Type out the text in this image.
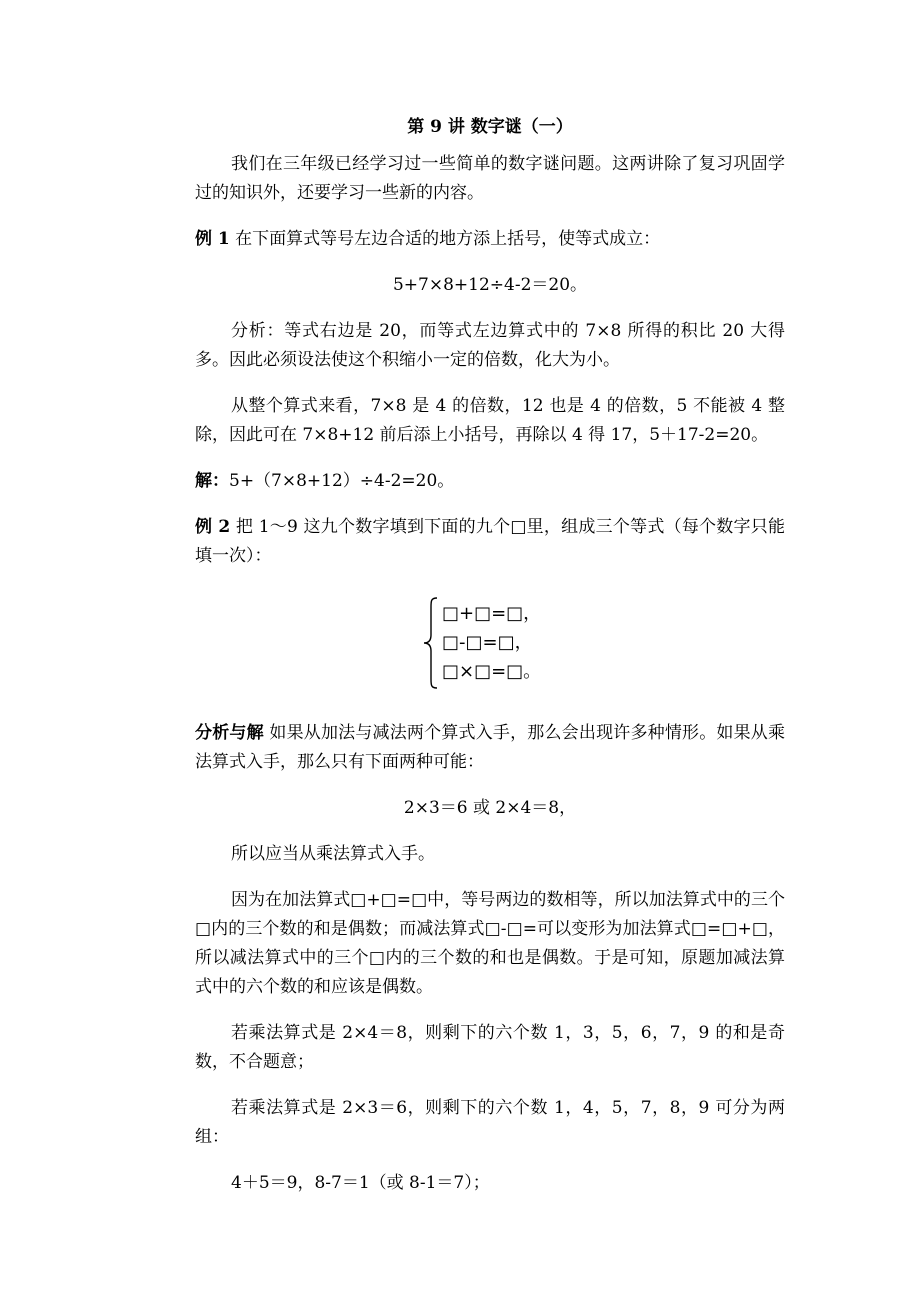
第 9 讲 数字谜（一）

我们在三年级已经学习过一些简单的数字谜问题。这两讲除了复习巩固学过的知识外，还要学习一些新的内容。

例 1 在下面算式等号左边合适的地方添上括号，使等式成立：

5+7×8+12÷4-2＝20。

分析：等式右边是 20，而等式左边算式中的 7×8 所得的积比 20 大得多。因此必须设法使这个积缩小一定的倍数，化大为小。

从整个算式来看，7×8 是 4 的倍数，12 也是 4 的倍数，5 不能被 4 整除，因此可在 7×8+12 前后添上小括号，再除以 4 得 17，5＋17-2=20。

解：5+（7×8+12）÷4-2=20。

例 2 把 1～9 这九个数字填到下面的九个□里，组成三个等式（每个数字只能填一次）：

□+□=□，
□-□=□，
□×□=□。

分析与解 如果从加法与减法两个算式入手，那么会出现许多种情形。如果从乘法算式入手，那么只有下面两种可能：

2×3＝6 或 2×4＝8，

所以应当从乘法算式入手。

因为在加法算式□+□=□中，等号两边的数相等，所以加法算式中的三个□内的三个数的和是偶数；而减法算式□-□=可以变形为加法算式□=□+□，所以减法算式中的三个□内的三个数的和也是偶数。于是可知，原题加减法算式中的六个数的和应该是偶数。

若乘法算式是 2×4＝8，则剩下的六个数 1，3，5，6，7，9 的和是奇数，不合题意；

若乘法算式是 2×3＝6，则剩下的六个数 1，4，5，7，8，9 可分为两组：

4＋5＝9，8-7＝1（或 8-1＝7）；
